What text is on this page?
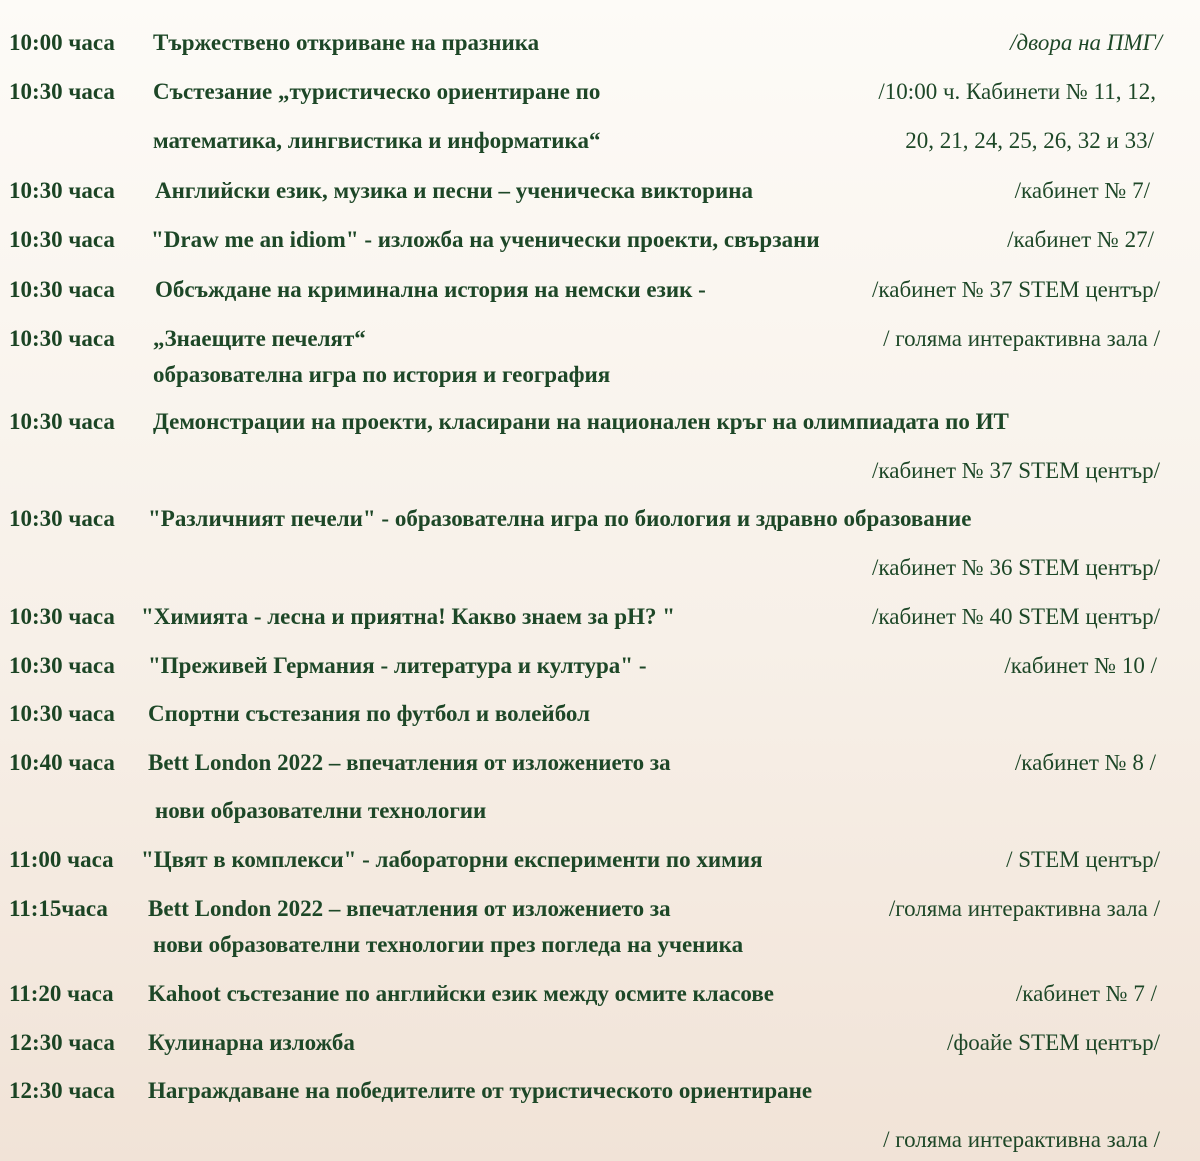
10:00 часа Тържествено откриване на празника	/двора на ПМГ/
10:30 часа Състезание „туристическо ориентиране по	/10:00 ч. Кабинети № 11, 12,
математика, лингвистика и информатика“	20, 21, 24, 25, 26, 32 и 33/
10:30 часа Английски език, музика и песни – ученическа викторина	/кабинет № 7/
10:30 часа "Draw me an idiom" - изложба на ученически проекти, свързани	/кабинет № 27/
10:30 часа Обсъждане на криминална история на немски език -	/кабинет № 37 STEM център/
10:30 часа „Знаещите печелят“	/ голяма интерактивна зала /
образователна игра по история и география
10:30 часа Демонстрации на проекти, класирани на национален кръг на олимпиадата по ИТ
/кабинет № 37 STEM център/
10:30 часа "Различният печели" - образователна игра по биология и здравно образование
/кабинет № 36 STEM център/
10:30 часа "Химията - лесна и приятна! Какво знаем за рН? "	/кабинет № 40 STEM център/
10:30 часа "Преживей Германия - литература и култура" -	/кабинет № 10 /
10:30 часа Спортни състезания по футбол и волейбол
10:40 часа Bett London 2022 – впечатления от изложението за	/кабинет № 8 /
нови образователни технологии
11:00 часа "Цвят в комплекси" - лабораторни експерименти по химия	/ STEM център/
11:15часа Bett London 2022 – впечатления от изложението за	/голяма интерактивна зала /
нови образователни технологии през погледа на ученика
11:20 часа Kahoot състезание по английски език между осмите класове	/кабинет № 7 /
12:30 часа Кулинарна изложба	/фоайе STEM център/
12:30 часа Награждаване на победителите от туристическото ориентиране
/ голяма интерактивна зала /
